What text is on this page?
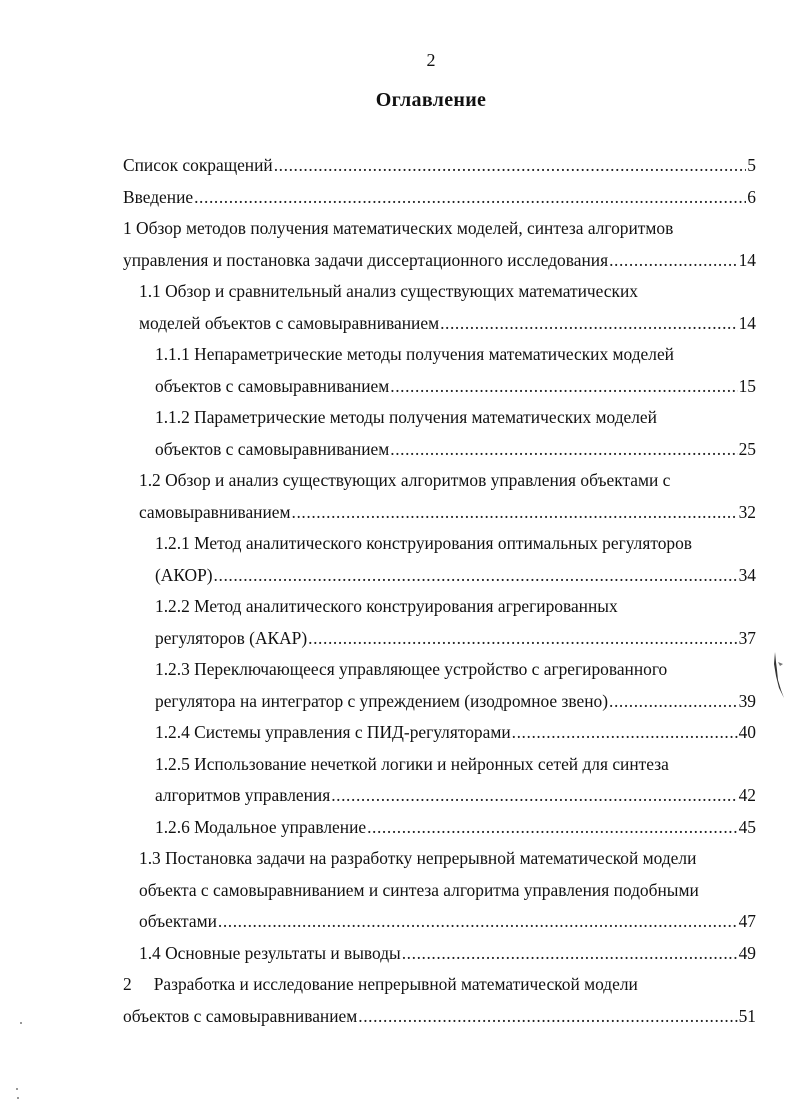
2
Оглавление
Список сокращений .....	5
Введение .....	6
1 Обзор методов получения математических моделей, синтеза алгоритмов
управления и постановка задачи диссертационного исследования .....	14
1.1 Обзор и сравнительный анализ существующих математических
моделей объектов с самовыравниванием .....	14
1.1.1 Непараметрические методы получения математических моделей
объектов с самовыравниванием .....	15
1.1.2 Параметрические методы получения математических моделей
объектов с самовыравниванием .....	25
1.2 Обзор и анализ существующих алгоритмов управления объектами с
самовыравниванием .....	32
1.2.1 Метод аналитического конструирования оптимальных регуляторов
(АКОР) .....	34
1.2.2 Метод аналитического конструирования агрегированных
регуляторов (АКАР) .....	37
1.2.3 Переключающееся управляющее устройство с агрегированного
регулятора на интегратор с упреждением (изодромное звено) .....	39
1.2.4 Системы управления с ПИД-регуляторами .....	40
1.2.5 Использование нечеткой логики и нейронных сетей для синтеза
алгоритмов управления .....	42
1.2.6 Модальное управление .....	45
1.3 Постановка задачи на разработку непрерывной математической модели
объекта с самовыравниванием и синтеза алгоритма управления подобными
объектами .....	47
1.4 Основные результаты и выводы .....	49
2 Разработка и исследование непрерывной математической модели
объектов с самовыравниванием .....	51
